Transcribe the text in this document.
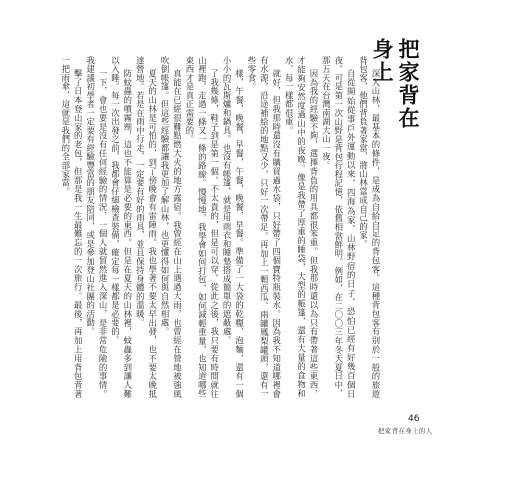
把家背在身上

深入山林，最基本的條件，是成為自給自足的背包客。這種背包客有別於一般的旅遊背包客，他們背負著家當，將山林當成自己的家。

自從開始從事戶外運動以來，四海為家，山林野宿的日子，恐怕已經有好幾百個日夜。可是第一次山野是背包行程記憶，依舊相當鮮明。例如，在二〇〇三年冬天夏日中，那五天在台灣南湖大山一夜。

因為我的經驗不夠，選擇背負的用具都很笨重。但我那時還以為只有帶著這些東西，才能夠安然度過山中的夜晚。像是我帶了厚重的睡袋，大型的帳篷，還有大量的食物和水，每一樣都很重。

就好，但我那時還沒有購買過水袋，只好帶了四個寶特瓶裝水。因為我不知道哪裡會有水源，沿途補給的地點又少，只好一次帶足。再加上一顆西瓜、兩罐鳳梨罐頭，還有一些零食。

樣，午餐，晚餐，早餐，午餐，晚餐，早餐。準備了一大袋的乾糧、泡麵，還有一個小小的瓦斯爐和鍋具。也沒有帳篷，就是用雨衣和睡墊搭成簡單的遮蔽處。

了我幾條，鞋子到是第一個。不太貴的，但是可以穿。從此之後，我只要有時間就往山裡跑，走過一條又一條的路線。慢慢地，我學會如何打包，如何減輕重量，也知道哪些東西才是真正需要的。

真能在已經很難點燃大火的地方露宿。我曾經在山上遇過大雨，也曾經在營地被強風吹倒帳篷。但這些經驗都讓我更加了解山林，也更懂得如何與自然相處。

夏天的山林是可怕的，到了傍晚會有雷陣雨。我也學著不要太早出發，也不要太晚抵達營地。若是在雨中行走，一定要有好的雨具，並且保持身體的溫暖。

防蚊蟲的噴霧劑，這也不能算是必要的東西。但是在夏天的山林裡，蚊蟲多到讓人難以入睡。每一次出發之前，我都會仔細檢查裝備，確定每一樣都是必要的。

一下，會也要是沒有任何經驗的情況，一個人就貿然進入深山，是非常危險的事情。我建議初學者一定要有經驗豐富的朋友陪同，或是參加登山社團的活動。

擊了日本登山家的老包，但那是我一生最難忘的一次旅行。最後，再加上用背包背著一把雨傘，這就是我們的全部家當。

46
把家背在身上的人
